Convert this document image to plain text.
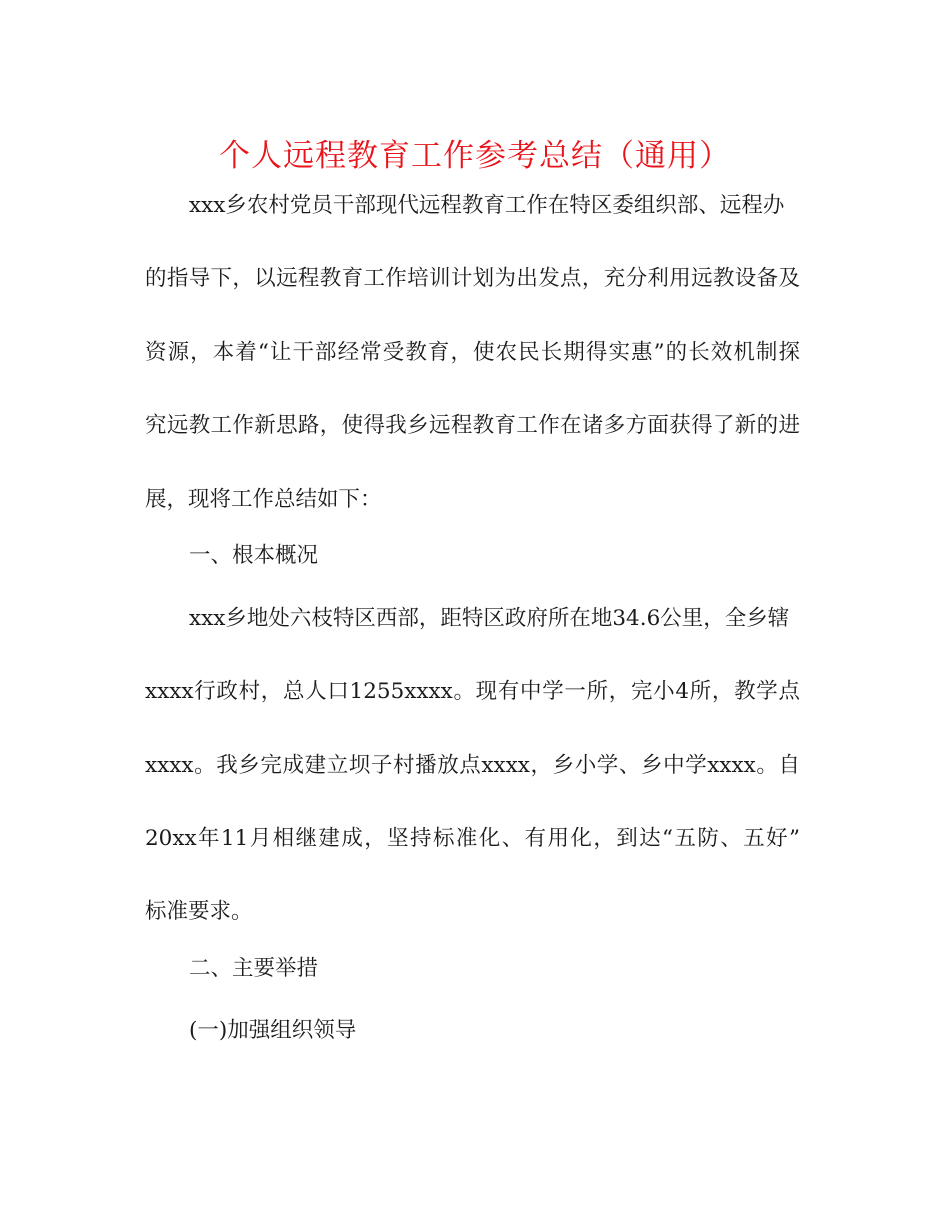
个人远程教育工作参考总结（通用）
xxx乡农村党员干部现代远程教育工作在特区委组织部、远程办
的指导下，以远程教育工作培训计划为出发点，充分利用远教设备及
资源，本着“让干部经常受教育，使农民长期得实惠”的长效机制探
究远教工作新思路，使得我乡远程教育工作在诸多方面获得了新的进
展，现将工作总结如下：
一、根本概况
xxx乡地处六枝特区西部，距特区政府所在地34.6公里，全乡辖
xxxx行政村，总人口1255xxxx。现有中学一所，完小4所，教学点
xxxx。我乡完成建立坝子村播放点xxxx，乡小学、乡中学xxxx。自
20xx年11月相继建成，坚持标准化、有用化，到达“五防、五好”
标准要求。
二、主要举措
(一)加强组织领导
